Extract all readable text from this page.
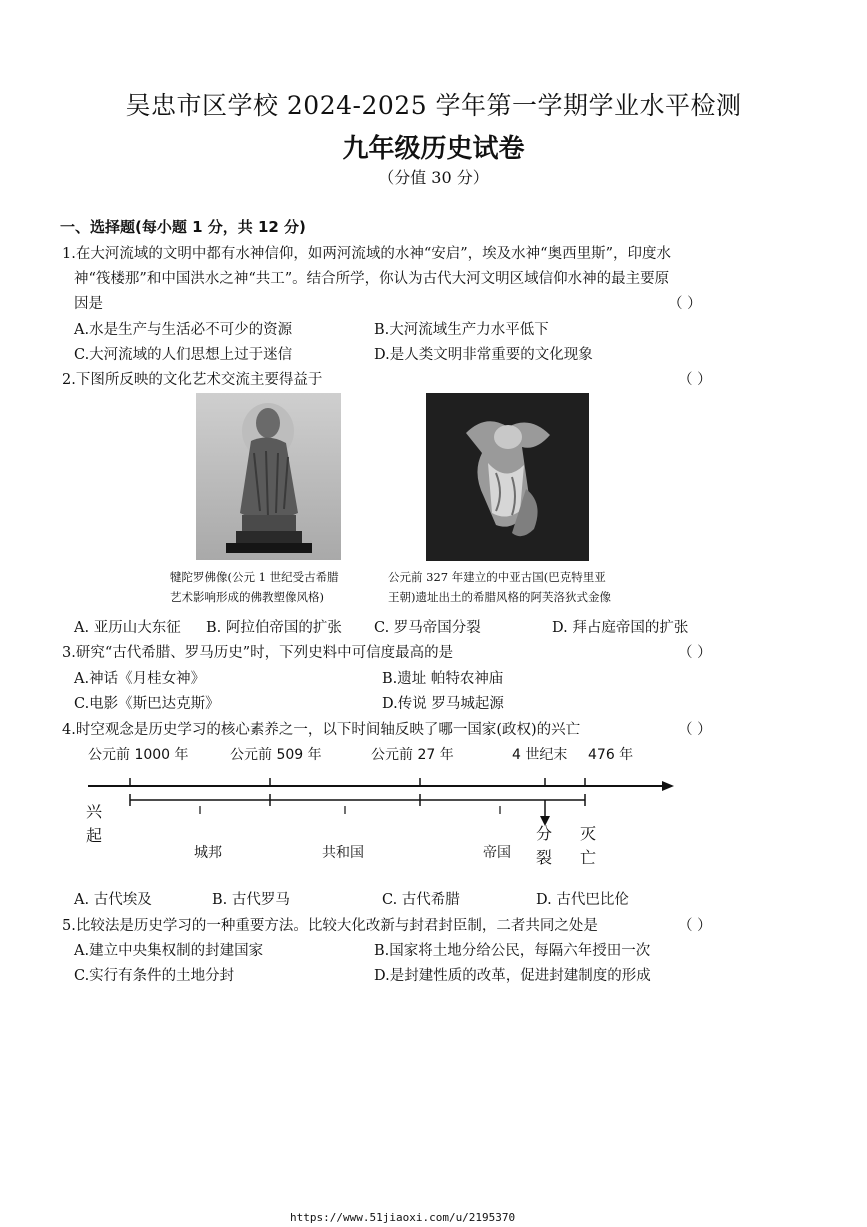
吴忠市区学校 2024-2025 学年第一学期学业水平检测
九年级历史试卷
（分值 30 分）
一、选择题(每小题 1 分，共 12 分)
1.在大河流域的文明中都有水神信仰，如两河流域的水神“安启”，埃及水神“奥西里斯”，印度水
神“筏楼那”和中国洪水之神“共工”。结合所学，你认为古代大河文明区域信仰水神的最主要原
因是	（ ）
A.水是生产与生活必不可少的资源	B.大河流域生产力水平低下
C.大河流域的人们思想上过于迷信	D.是人类文明非常重要的文化现象
2.下图所反映的文化艺术交流主要得益于	（ ）
犍陀罗佛像(公元 1 世纪受古希腊
艺术影响形成的佛教塑像风格)
公元前 327 年建立的中亚古国(巴克特里亚
王朝)遗址出土的希腊风格的阿芙洛狄式金像
A. 亚历山大东征 B. 阿拉伯帝国的扩张 C. 罗马帝国分裂	D. 拜占庭帝国的扩张
3.研究“古代希腊、罗马历史”时，下列史料中可信度最高的是	（ ）
A.神话《月桂女神》	B.遗址 帕特农神庙
C.电影《斯巴达克斯》	D.传说 罗马城起源
4.时空观念是历史学习的核心素养之一，以下时间轴反映了哪一国家(政权)的兴亡	（ ）
公元前 1000 年	公元前 509 年	公元前 27 年	4 世纪末 476 年
兴起
城邦	共和国	帝国
分裂
灭亡
A. 古代埃及	B. 古代罗马	C. 古代希腊	D. 古代巴比伦
5.比较法是历史学习的一种重要方法。比较大化改新与封君封臣制，二者共同之处是	（ ）
A.建立中央集权制的封建国家	B.国家将土地分给公民，每隔六年授田一次
C.实行有条件的土地分封	D.是封建性质的改革，促进封建制度的形成
https://www.51jiaoxi.com/u/2195370
